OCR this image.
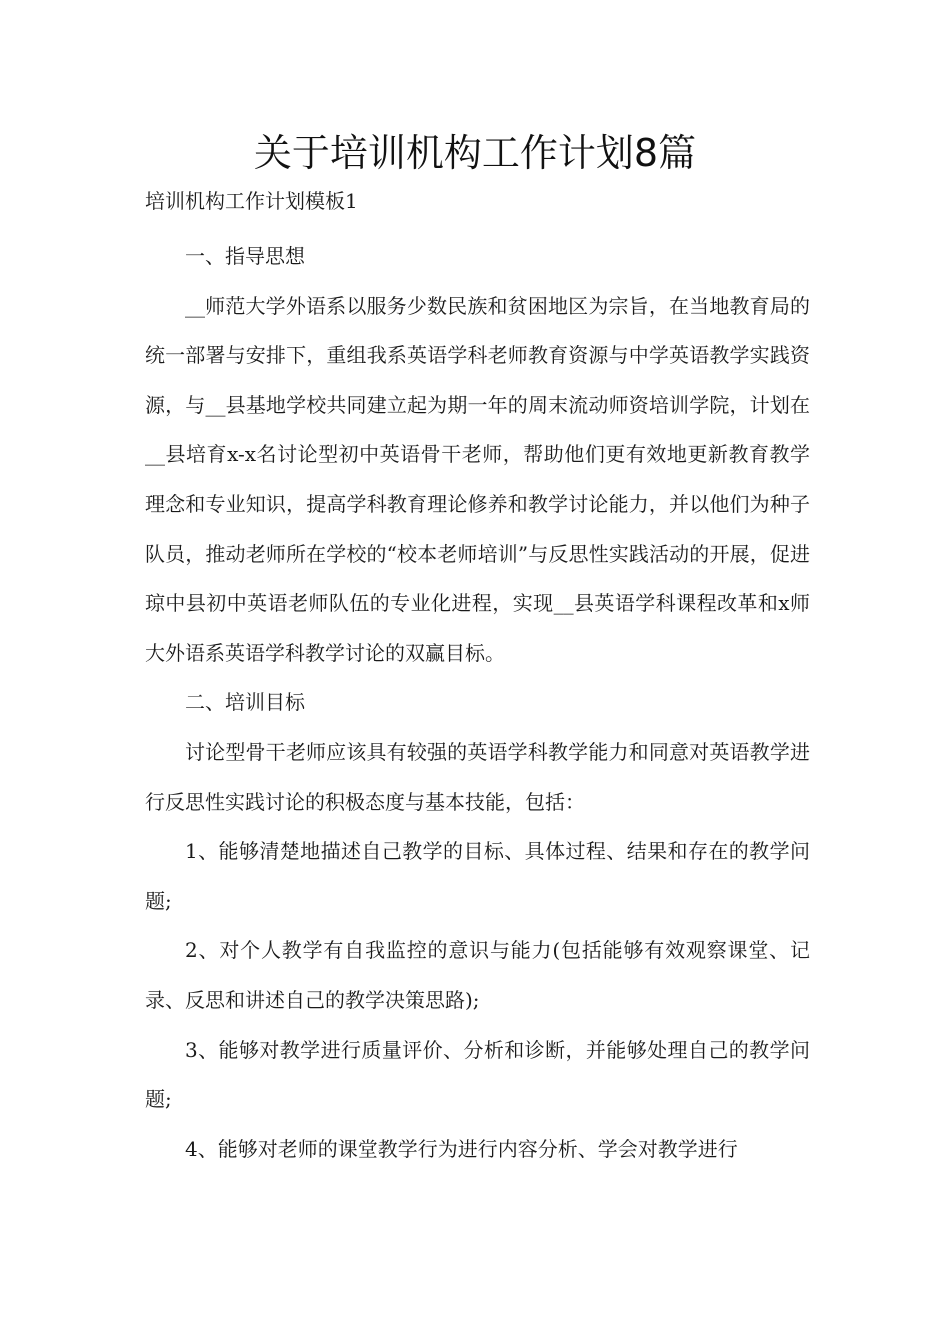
关于培训机构工作计划8篇

培训机构工作计划模板1

一、指导思想

__师范大学外语系以服务少数民族和贫困地区为宗旨，在当地教育局的统一部署与安排下，重组我系英语学科老师教育资源与中学英语教学实践资源，与__县基地学校共同建立起为期一年的周末流动师资培训学院，计划在__县培育x-x名讨论型初中英语骨干老师，帮助他们更有效地更新教育教学理念和专业知识，提高学科教育理论修养和教学讨论能力，并以他们为种子队员，推动老师所在学校的“校本老师培训”与反思性实践活动的开展，促进琼中县初中英语老师队伍的专业化进程，实现__县英语学科课程改革和x师大外语系英语学科教学讨论的双赢目标。

二、培训目标

讨论型骨干老师应该具有较强的英语学科教学能力和同意对英语教学进行反思性实践讨论的积极态度与基本技能，包括：

1、能够清楚地描述自己教学的目标、具体过程、结果和存在的教学问题;

2、对个人教学有自我监控的意识与能力(包括能够有效观察课堂、记录、反思和讲述自己的教学决策思路);

3、能够对教学进行质量评价、分析和诊断，并能够处理自己的教学问题;

4、能够对老师的课堂教学行为进行内容分析、学会对教学进行
